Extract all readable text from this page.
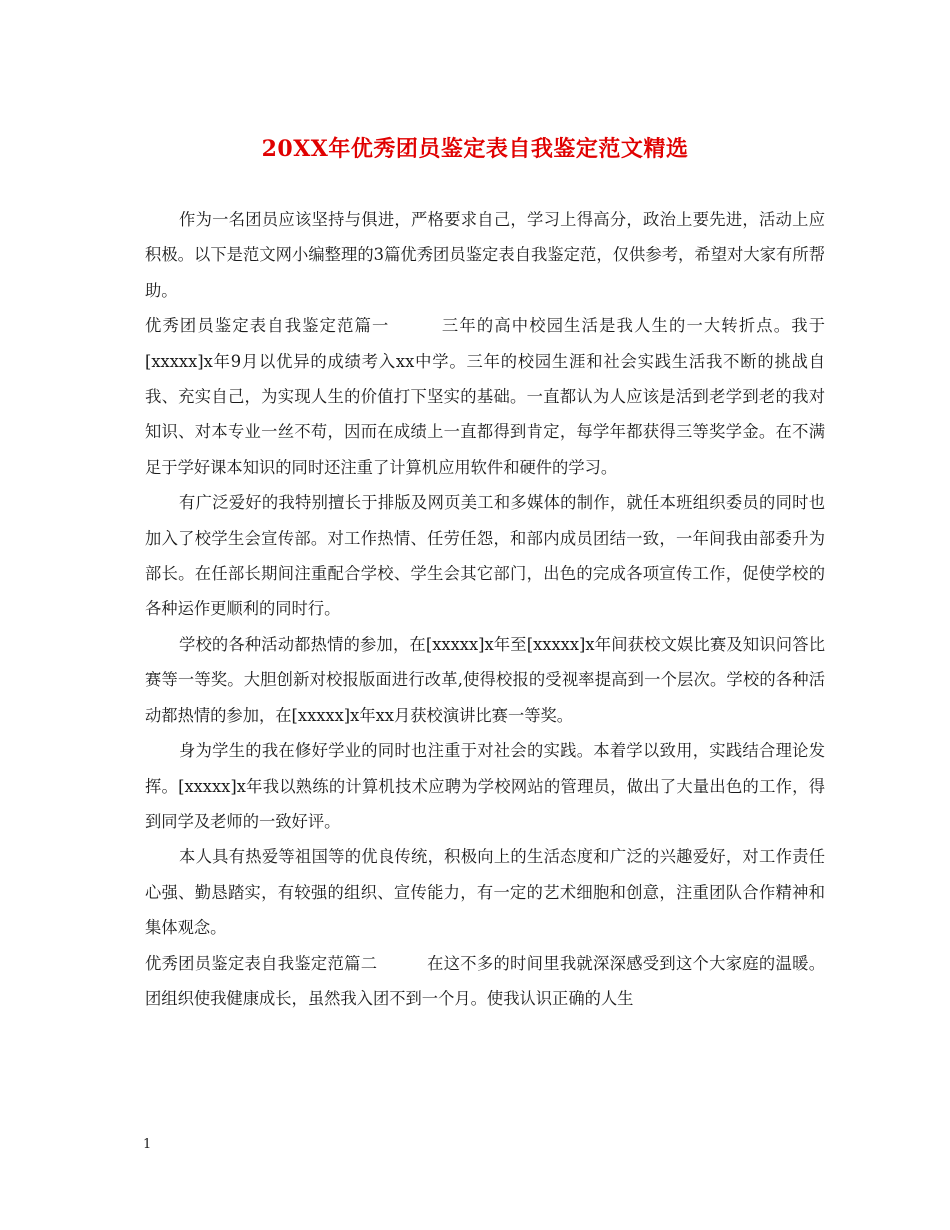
20XX年优秀团员鉴定表自我鉴定范文精选

作为一名团员应该坚持与俱进，严格要求自己，学习上得高分，政治上要先进，活动上应积极。以下是范文网小编整理的3篇优秀团员鉴定表自我鉴定范，仅供参考，希望对大家有所帮助。

优秀团员鉴定表自我鉴定范篇一　　　三年的高中校园生活是我人生的一大转折点。我于[xxxxx]x年9月以优异的成绩考入xx中学。三年的校园生涯和社会实践生活我不断的挑战自我、充实自己，为实现人生的价值打下坚实的基础。一直都认为人应该是活到老学到老的我对知识、对本专业一丝不苟，因而在成绩上一直都得到肯定，每学年都获得三等奖学金。在不满足于学好课本知识的同时还注重了计算机应用软件和硬件的学习。

有广泛爱好的我特别擅长于排版及网页美工和多媒体的制作，就任本班组织委员的同时也加入了校学生会宣传部。对工作热情、任劳任怨，和部内成员团结一致，一年间我由部委升为部长。在任部长期间注重配合学校、学生会其它部门，出色的完成各项宣传工作，促使学校的各种运作更顺利的同时行。

学校的各种活动都热情的参加，在[xxxxx]x年至[xxxxx]x年间获校文娱比赛及知识问答比赛等一等奖。大胆创新对校报版面进行改革,使得校报的受视率提高到一个层次。学校的各种活动都热情的参加，在[xxxxx]x年xx月获校演讲比赛一等奖。

身为学生的我在修好学业的同时也注重于对社会的实践。本着学以致用，实践结合理论发挥。[xxxxx]x年我以熟练的计算机技术应聘为学校网站的管理员，做出了大量出色的工作，得到同学及老师的一致好评。

本人具有热爱等祖国等的优良传统，积极向上的生活态度和广泛的兴趣爱好，对工作责任心强、勤恳踏实，有较强的组织、宣传能力，有一定的艺术细胞和创意，注重团队合作精神和集体观念。

优秀团员鉴定表自我鉴定范篇二　　　在这不多的时间里我就深深感受到这个大家庭的温暖。团组织使我健康成长，虽然我入团不到一个月。使我认识正确的人生

1
